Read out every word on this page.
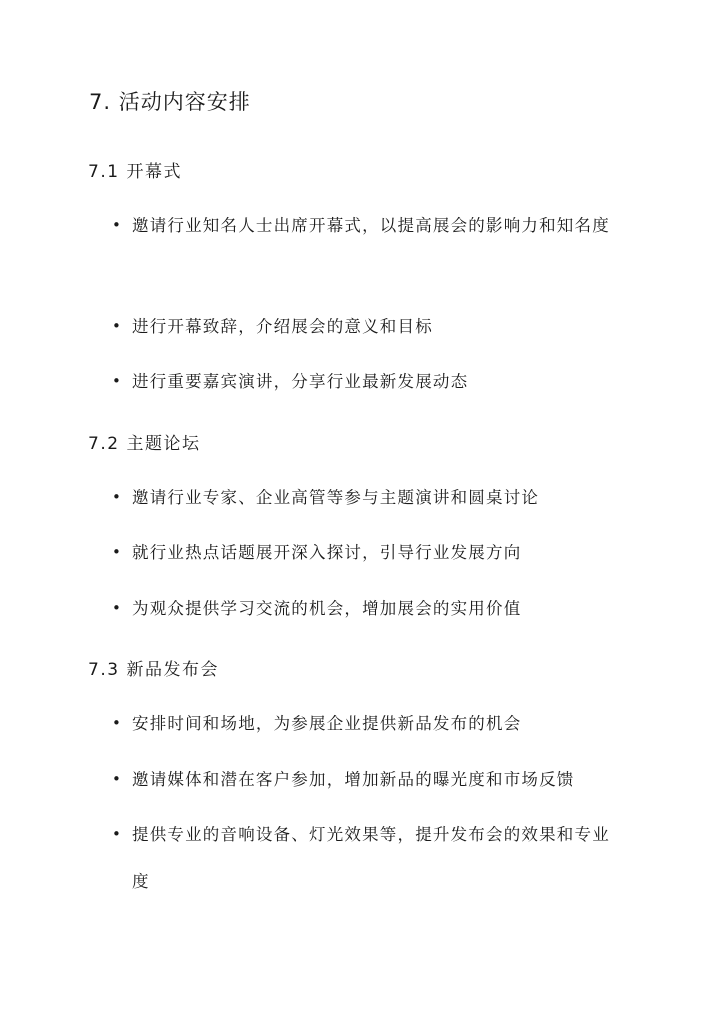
7. 活动内容安排
7.1 开幕式
• 邀请行业知名人士出席开幕式，以提高展会的影响力和知名度
• 进行开幕致辞，介绍展会的意义和目标
• 进行重要嘉宾演讲，分享行业最新发展动态
7.2 主题论坛
• 邀请行业专家、企业高管等参与主题演讲和圆桌讨论
• 就行业热点话题展开深入探讨，引导行业发展方向
• 为观众提供学习交流的机会，增加展会的实用价值
7.3 新品发布会
• 安排时间和场地，为参展企业提供新品发布的机会
• 邀请媒体和潜在客户参加，增加新品的曝光度和市场反馈
• 提供专业的音响设备、灯光效果等，提升发布会的效果和专业度
